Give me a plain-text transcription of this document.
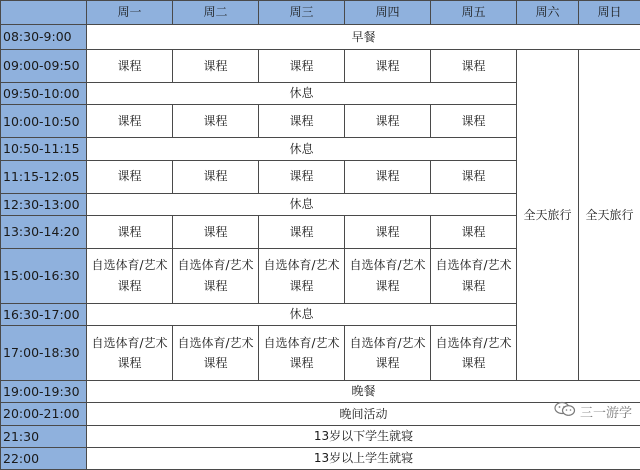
	周一	周二	周三	周四	周五	周六	周日
08:30-9:00	早餐						
09:00-09:50	课程	课程	课程	课程	课程	全天旅行	全天旅行
09:50-10:00	休息						
10:00-10:50	课程	课程	课程	课程	课程		
10:50-11:15	休息						
11:15-12:05	课程	课程	课程	课程	课程		
12:30-13:00	休息						
13:30-14:20	课程	课程	课程	课程	课程		
15:00-16:30	自选体育/艺术课程	自选体育/艺术课程	自选体育/艺术课程	自选体育/艺术课程	自选体育/艺术课程		
16:30-17:00	休息						
17:00-18:30	自选体育/艺术课程	自选体育/艺术课程	自选体育/艺术课程	自选体育/艺术课程	自选体育/艺术课程		
19:00-19:30	晚餐						
20:00-21:00	晚间活动						
21:30	13岁以下学生就寝						
22:00	13岁以上学生就寝						
三一游学
